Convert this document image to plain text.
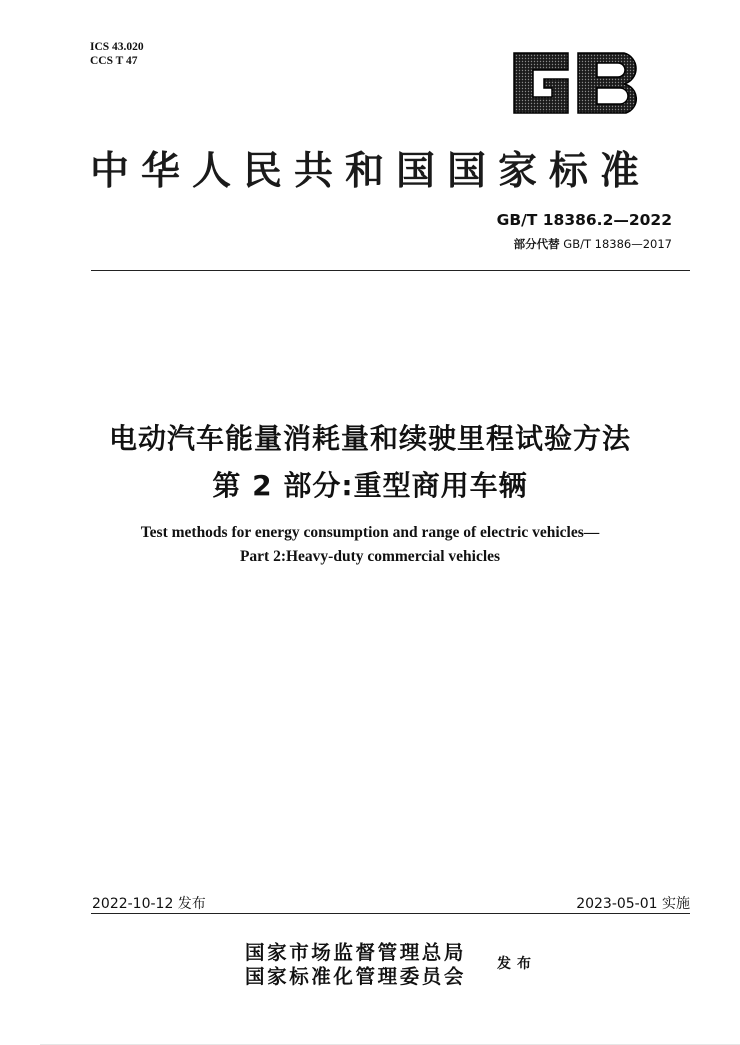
ICS 43.020
CCS T 47
中华人民共和国国家标准
GB/T 18386.2—2022
部分代替 GB/T 18386—2017
电动汽车能量消耗量和续驶里程试验方法
第 2 部分:重型商用车辆
Test methods for energy consumption and range of electric vehicles—
Part 2:Heavy-duty commercial vehicles
2022-10-12 发布	2023-05-01 实施
国家市场监督管理总局
国家标准化管理委员会
发布
